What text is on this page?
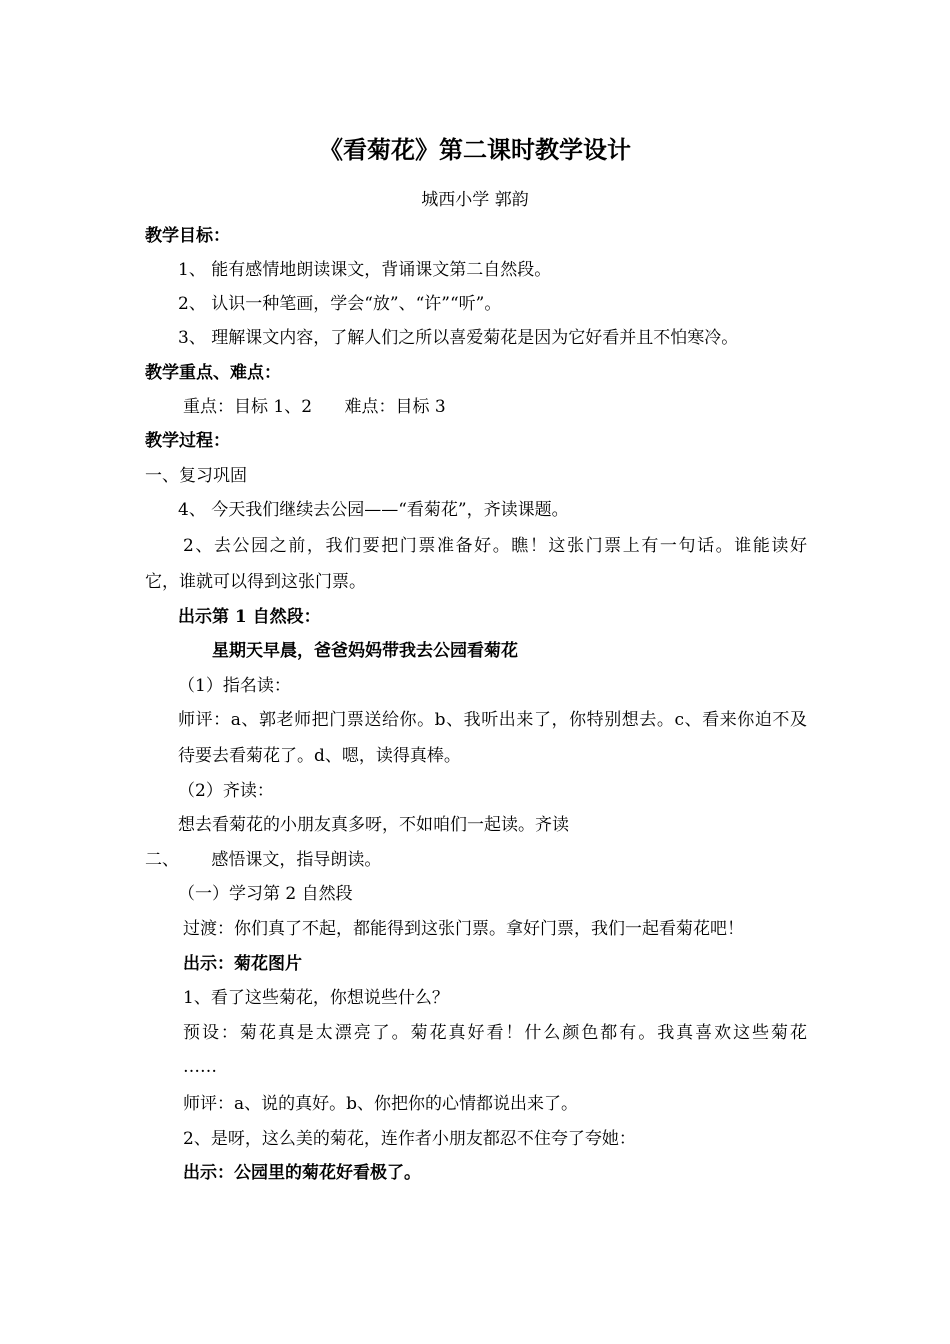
《看菊花》第二课时教学设计
城西小学 郭韵
教学目标：
1、 能有感情地朗读课文，背诵课文第二自然段。
2、 认识一种笔画，学会“放”、“许”“听”。
3、 理解课文内容，了解人们之所以喜爱菊花是因为它好看并且不怕寒冷。
教学重点、难点：
重点：目标 1、2      难点：目标 3
教学过程：
一、复习巩固
4、 今天我们继续去公园——“看菊花”，齐读课题。
2、去公园之前，我们要把门票准备好。瞧！这张门票上有一句话。谁能读好
它，谁就可以得到这张门票。
出示第 1 自然段：
星期天早晨，爸爸妈妈带我去公园看菊花
（1）指名读：
师评：a、郭老师把门票送给你。b、我听出来了，你特别想去。c、看来你迫不及
待要去看菊花了。d、嗯，读得真棒。
（2）齐读：
想去看菊花的小朋友真多呀，不如咱们一起读。齐读
二、      感悟课文，指导朗读。
（一）学习第 2 自然段
过渡：你们真了不起，都能得到这张门票。拿好门票，我们一起看菊花吧！
出示：菊花图片
1、看了这些菊花，你想说些什么？
预设：菊花真是太漂亮了。菊花真好看！什么颜色都有。我真喜欢这些菊花
……
师评：a、说的真好。b、你把你的心情都说出来了。
2、是呀，这么美的菊花，连作者小朋友都忍不住夸了夸她：
出示：公园里的菊花好看极了。
